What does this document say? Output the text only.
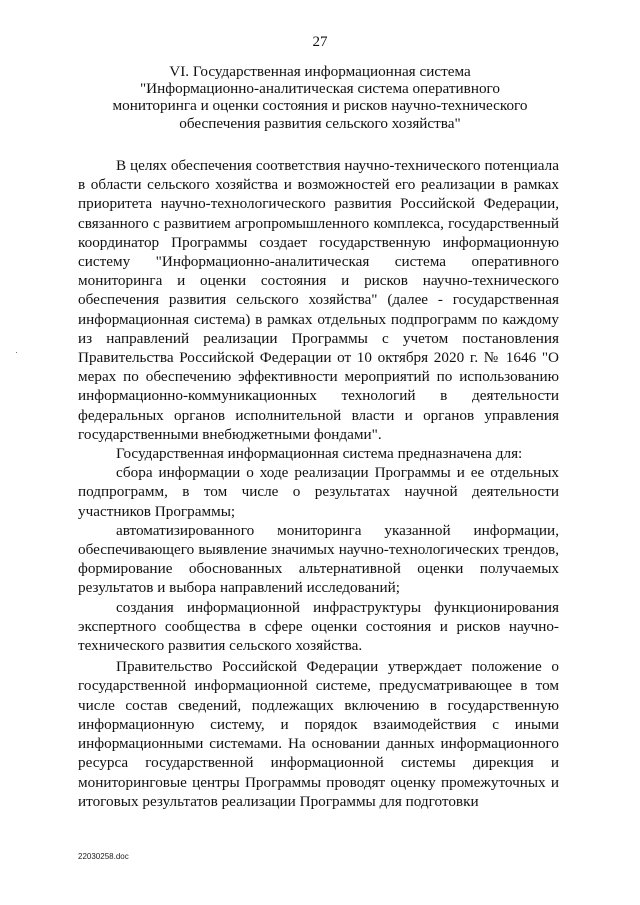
27
VI. Государственная информационная система
"Информационно-аналитическая система оперативного
мониторинга и оценки состояния и рисков научно-технического
обеспечения развития сельского хозяйства"

В целях обеспечения соответствия научно-технического потенциала в области сельского хозяйства и возможностей его реализации в рамках приоритета научно-технологического развития Российской Федерации, связанного с развитием агропромышленного комплекса, государственный координатор Программы создает государственную информационную систему "Информационно-аналитическая система оперативного мониторинга и оценки состояния и рисков научно-технического обеспечения развития сельского хозяйства" (далее - государственная информационная система) в рамках отдельных подпрограмм по каждому из направлений реализации Программы с учетом постановления Правительства Российской Федерации от 10 октября 2020 г. № 1646 "О мерах по обеспечению эффективности мероприятий по использованию информационно-коммуникационных технологий в деятельности федеральных органов исполнительной власти и органов управления государственными внебюджетными фондами".

Государственная информационная система предназначена для:

сбора информации о ходе реализации Программы и ее отдельных подпрограмм, в том числе о результатах научной деятельности участников Программы;

автоматизированного мониторинга указанной информации, обеспечивающего выявление значимых научно-технологических трендов, формирование обоснованных альтернативной оценки получаемых результатов и выбора направлений исследований;

создания информационной инфраструктуры функционирования экспертного сообщества в сфере оценки состояния и рисков научно-технического развития сельского хозяйства.

Правительство Российской Федерации утверждает положение о государственной информационной системе, предусматривающее в том числе состав сведений, подлежащих включению в государственную информационную систему, и порядок взаимодействия с иными информационными системами. На основании данных информационного ресурса государственной информационной системы дирекция и мониторинговые центры Программы проводят оценку промежуточных и итоговых результатов реализации Программы для подготовки

22030258.doc
